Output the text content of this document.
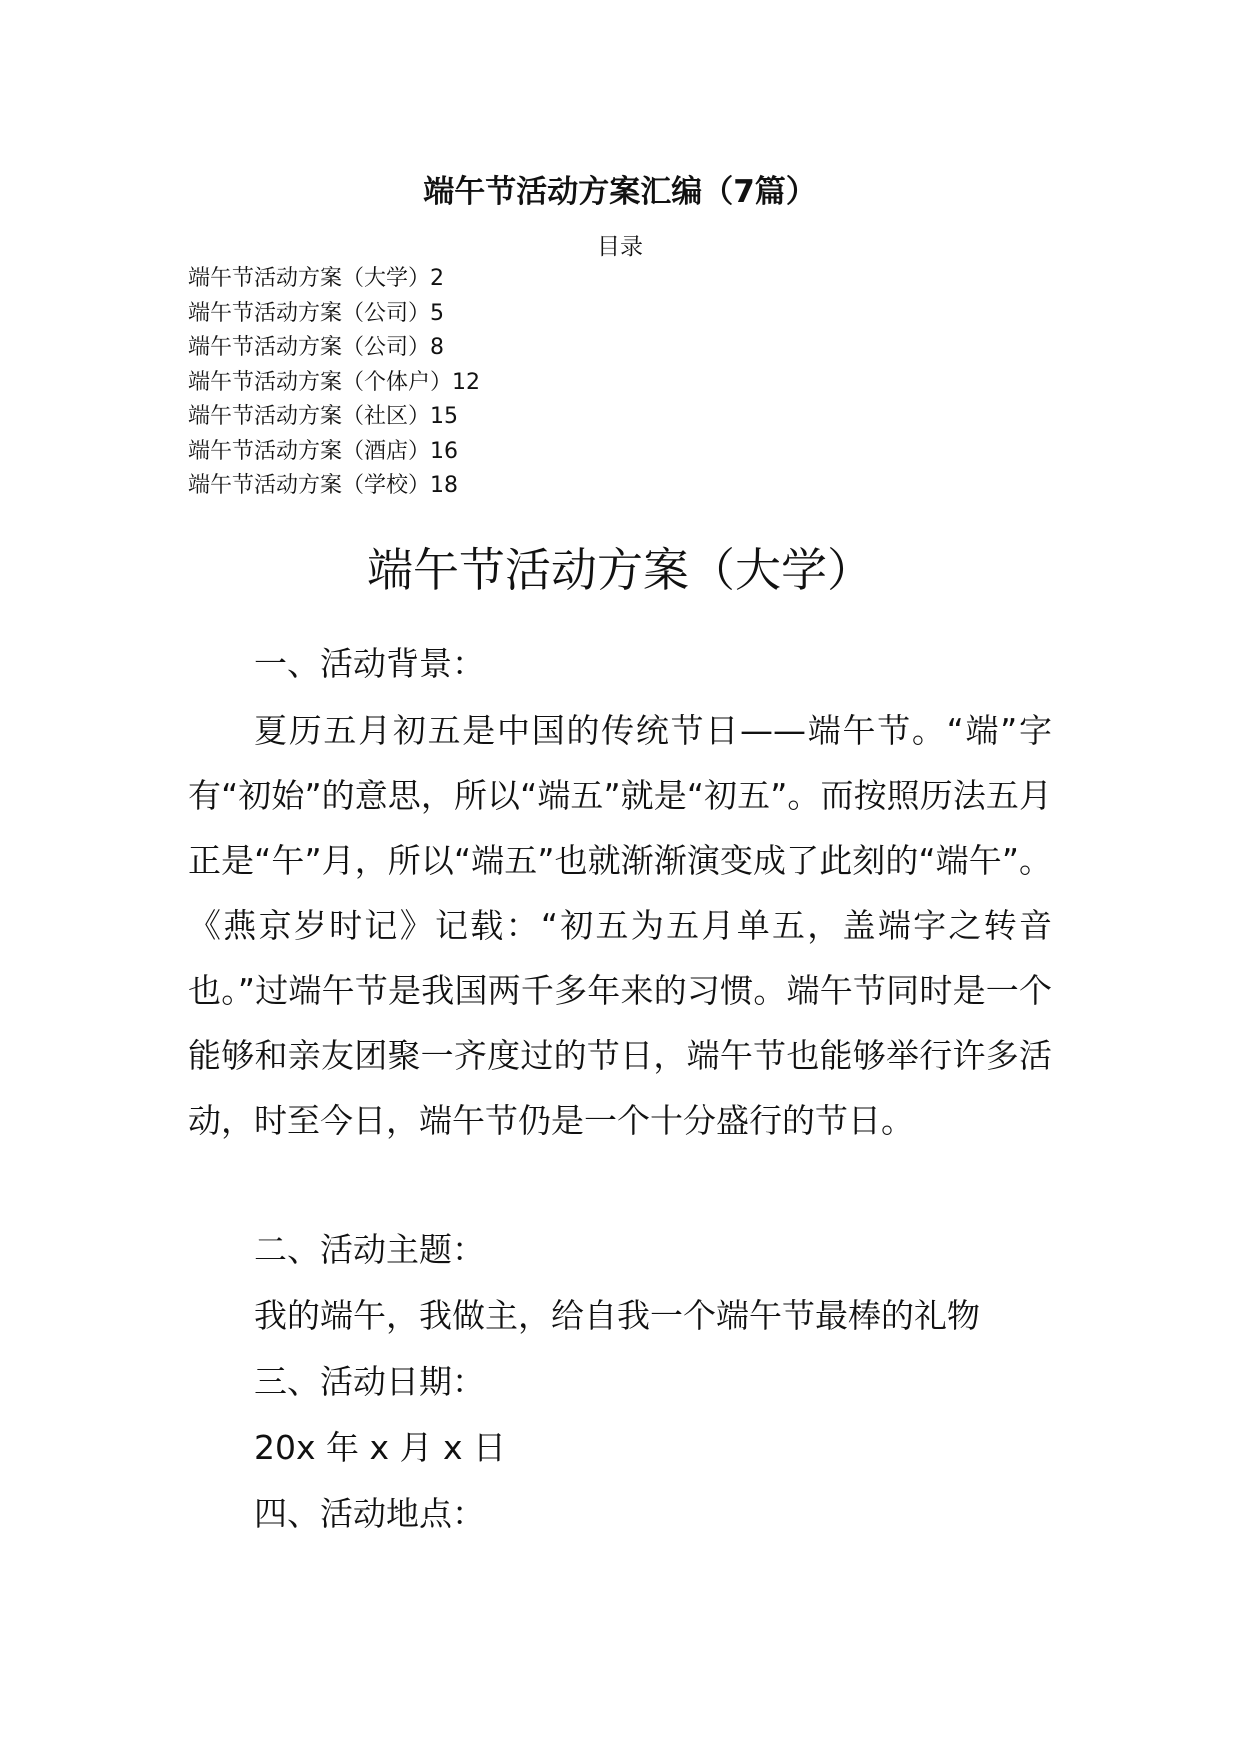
端午节活动方案汇编（7篇）
目录
端午节活动方案（大学）2
端午节活动方案（公司）5
端午节活动方案（公司）8
端午节活动方案（个体户）12
端午节活动方案（社区）15
端午节活动方案（酒店）16
端午节活动方案（学校）18
端午节活动方案（大学）
一、活动背景：

夏历五月初五是中国的传统节日——端午节。“端”字有“初始”的意思，所以“端五”就是“初五”。而按照历法五月正是“午”月，所以“端五”也就渐渐演变成了此刻的“端午”。《燕京岁时记》记载：“初五为五月单五，盖端字之转音也。”过端午节是我国两千多年来的习惯。端午节同时是一个能够和亲友团聚一齐度过的节日，端午节也能够举行许多活动，时至今日，端午节仍是一个十分盛行的节日。

二、活动主题：
我的端午，我做主，给自我一个端午节最棒的礼物
三、活动日期：
20x 年 x 月 x 日
四、活动地点：
